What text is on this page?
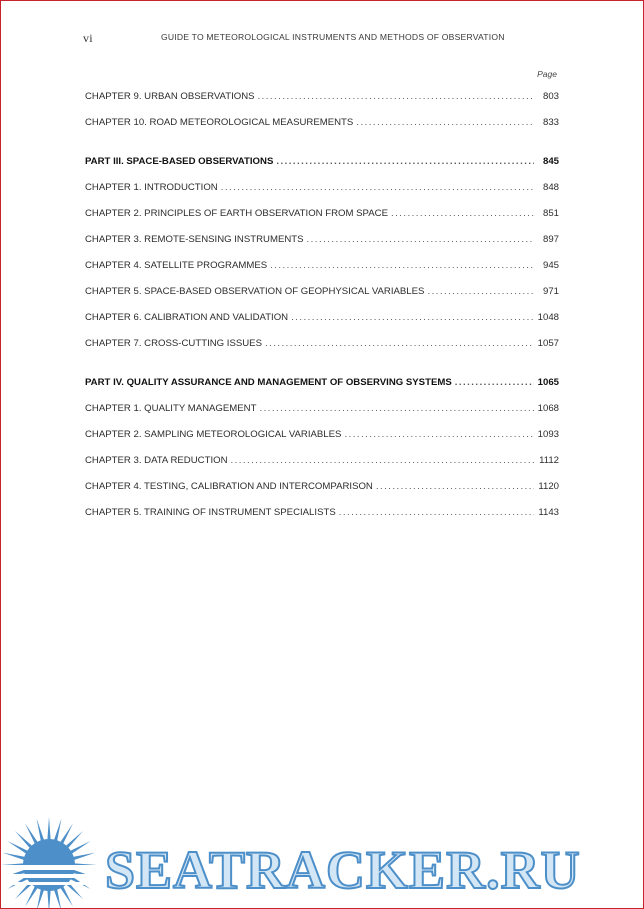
vi	GUIDE TO METEOROLOGICAL INSTRUMENTS AND METHODS OF OBSERVATION
Page
CHAPTER 9. URBAN OBSERVATIONS . . .	803
CHAPTER 10. ROAD METEOROLOGICAL MEASUREMENTS . . .	833
PART III. SPACE-BASED OBSERVATIONS . . .	845
CHAPTER 1. INTRODUCTION . . .	848
CHAPTER 2. PRINCIPLES OF EARTH OBSERVATION FROM SPACE . . .	851
CHAPTER 3. REMOTE-SENSING INSTRUMENTS . . .	897
CHAPTER 4. SATELLITE PROGRAMMES . . .	945
CHAPTER 5. SPACE-BASED OBSERVATION OF GEOPHYSICAL VARIABLES . . .	971
CHAPTER 6. CALIBRATION AND VALIDATION . . .	1048
CHAPTER 7. CROSS-CUTTING ISSUES . . .	1057
PART IV. QUALITY ASSURANCE AND MANAGEMENT OF OBSERVING SYSTEMS . . .	1065
CHAPTER 1. QUALITY MANAGEMENT . . .	1068
CHAPTER 2. SAMPLING METEOROLOGICAL VARIABLES . . .	1093
CHAPTER 3. DATA REDUCTION . . .	1112
CHAPTER 4. TESTING, CALIBRATION AND INTERCOMPARISON . . .	1120
CHAPTER 5. TRAINING OF INSTRUMENT SPECIALISTS . . .	1143
SEATRACKER.RU
